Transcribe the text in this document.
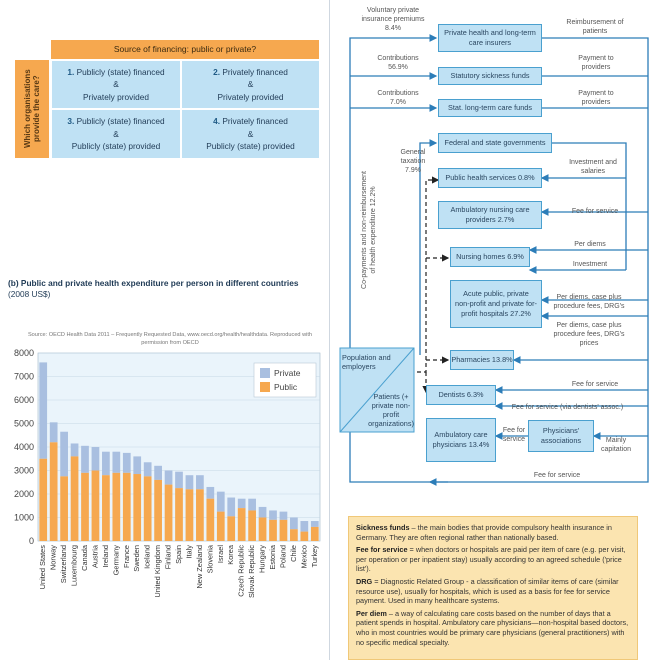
Source of financing: public or private?
Which organisations provide the care?
1. Publicly (state) financed
&
Privately provided
2. Privately financed
&
Privately provided
3. Publicly (state) financed
&
Publicly (state) provided
4. Privately financed
&
Publicly (state) provided
(b) Public and private health expenditure per person in different countries (2008 US$)
Source: OECD Health Data 2011 – Frequently Requested Data, www.oecd.org/health/healthdata. Reproduced with permission from OECD
0
1000
2000
3000
4000
5000
6000
7000
8000
United States Norway Switzerland Luxembourg Canada Austria Ireland Germany France Sweden Iceland United Kingdom Finland Spain Italy New Zealand Slovenia Israel Korea Czech Republic Slovak Republic Hungary Estonia Poland Chile Mexico Turkey
Private
Public
Private health and long-term care insurers
Statutory sickness funds
Stat. long-term care funds
Federal and state governments
Public health services 0.8%
Ambulatory nursing care providers 2.7%
Nursing homes 6.9%
Acute public, private non-profit and private for-profit hospitals 27.2%
Pharmacies 13.8%
Dentists 6.3%
Ambulatory care physicians 13.4%
Physicians' associations
Population and employers
Patients (+ private non-profit organizations)
Voluntary private insurance premiums 8.4%
Reimbursement of patients
Contributions 56.9%
Payment to providers
Contributions 7.0%
Payment to providers
General taxation 7.9%
Investment and salaries
Fee for service
Per diems
Investment
Per diems, case plus procedure fees, DRG's
Per diems, case plus procedure fees, DRG's prices
Co-payments and non-reimbursement of health expenditure 12.2%
Fee for service
Fee for service (via dentists' assoc.)
Fee for service	Mainly capitation
Fee for service

Sickness funds – the main bodies that provide compulsory health insurance in Germany. They are often regional rather than nationally based.

Fee for service = when doctors or hospitals are paid per item of care (e.g. per visit, per operation or per inpatient stay) usually according to an agreed schedule ('price list').

DRG = Diagnostic Related Group - a classification of similar items of care (similar resource use), usually for hospitals, which is used as a basis for fee for service payment. Used in many healthcare systems.

Per diem – a way of calculating care costs based on the number of days that a patient spends in hospital. Ambulatory care physicians—non-hospital based doctors, who in most countries would be primary care physicians (general practitioners) with no specific medical specialty.
